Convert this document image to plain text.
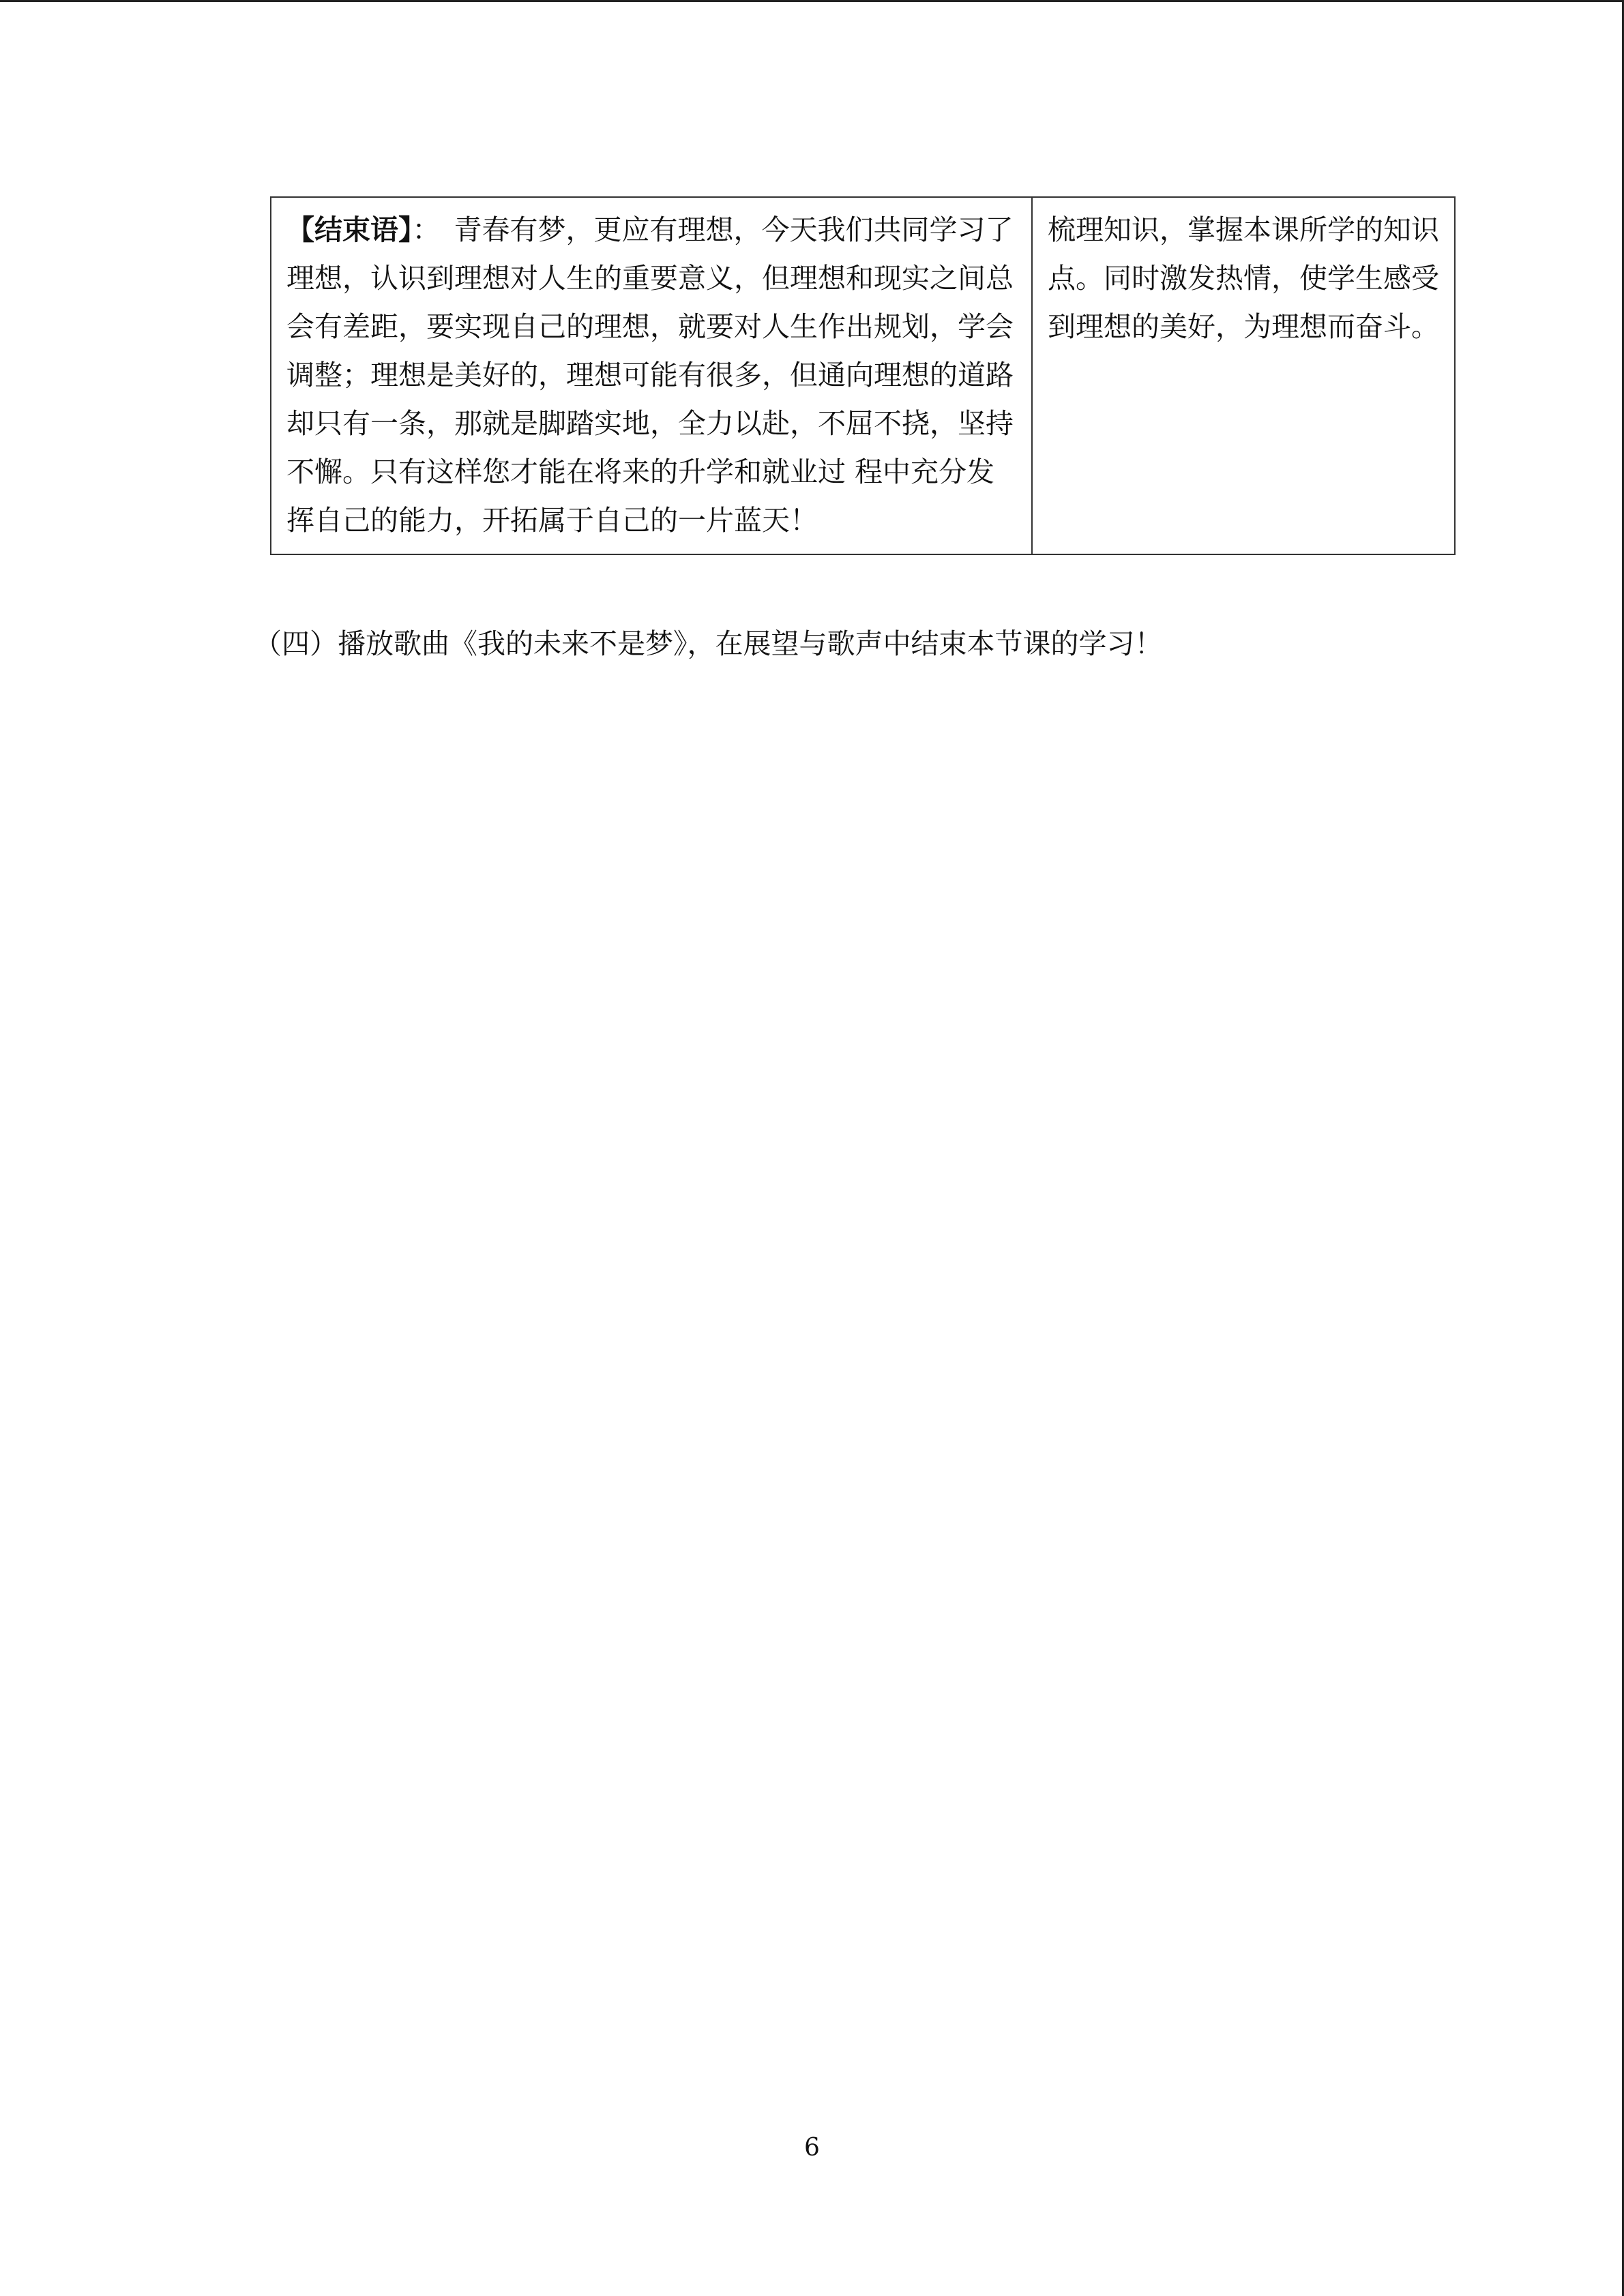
【结束语】： 青春有梦，更应有理想，今天我们共同学习了理想，认识到理想对人生的重要意义，但理想和现实之间总会有差距，要实现自己的理想，就要对人生作出规划，学会 调整；理想是美好的，理想可能有很多，但通向理想的道路却只有一条，那就是脚踏实地，全力以赴，不屈不挠，坚持不懈。只有这样您才能在将来的升学和就业过 程中充分发挥自己的能力，开拓属于自己的一片蓝天！	梳理知识，掌握本课所学的知识点。同时激发热情，使学生感受到理想的美好，为理想而奋斗。

（四）播放歌曲《我的未来不是梦》，在展望与歌声中结束本节课的学习！

6
